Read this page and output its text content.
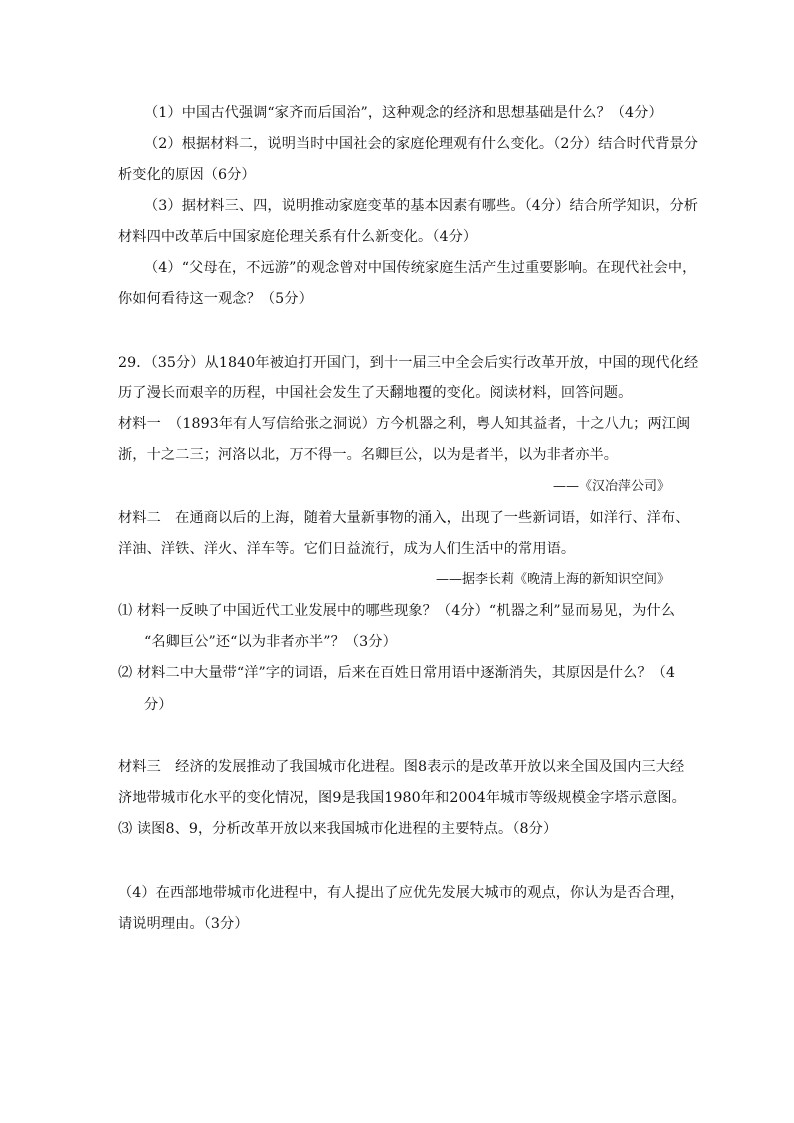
（1）中国古代强调“家齐而后国治”，这种观念的经济和思想基础是什么？（4分）
（2）根据材料二，说明当时中国社会的家庭伦理观有什么变化。（2分）结合时代背景分
析变化的原因（6分）
（3）据材料三、四，说明推动家庭变革的基本因素有哪些。（4分）结合所学知识，分析
材料四中改革后中国家庭伦理关系有什么新变化。（4分）
（4）“父母在，不远游”的观念曾对中国传统家庭生活产生过重要影响。在现代社会中，
你如何看待这一观念？（5分）
29．（35分）从1840年被迫打开国门，到十一届三中全会后实行改革开放，中国的现代化经
历了漫长而艰辛的历程，中国社会发生了天翻地覆的变化。阅读材料，回答问题。
材料一　（1893年有人写信给张之洞说）方今机器之利，粤人知其益者，十之八九；两江闽
浙，十之二三；河洛以北，万不得一。名卿巨公，以为是者半，以为非者亦半。
——《汉冶萍公司》
材料二　在通商以后的上海，随着大量新事物的涌入，出现了一些新词语，如洋行、洋布、
洋油、洋铁、洋火、洋车等。它们日益流行，成为人们生活中的常用语。
——据李长莉《晚清上海的新知识空间》
⑴ 材料一反映了中国近代工业发展中的哪些现象？（4分）“机器之利”显而易见，为什么
“名卿巨公”还“以为非者亦半”？（3分）
⑵ 材料二中大量带“洋”字的词语，后来在百姓日常用语中逐渐消失，其原因是什么？（4
分）
材料三　经济的发展推动了我国城市化进程。图8表示的是改革开放以来全国及国内三大经
济地带城市化水平的变化情况，图9是我国1980年和2004年城市等级规模金字塔示意图。
⑶ 读图8、9，分析改革开放以来我国城市化进程的主要特点。（8分）
（4）在西部地带城市化进程中，有人提出了应优先发展大城市的观点，你认为是否合理，
请说明理由。（3分）
